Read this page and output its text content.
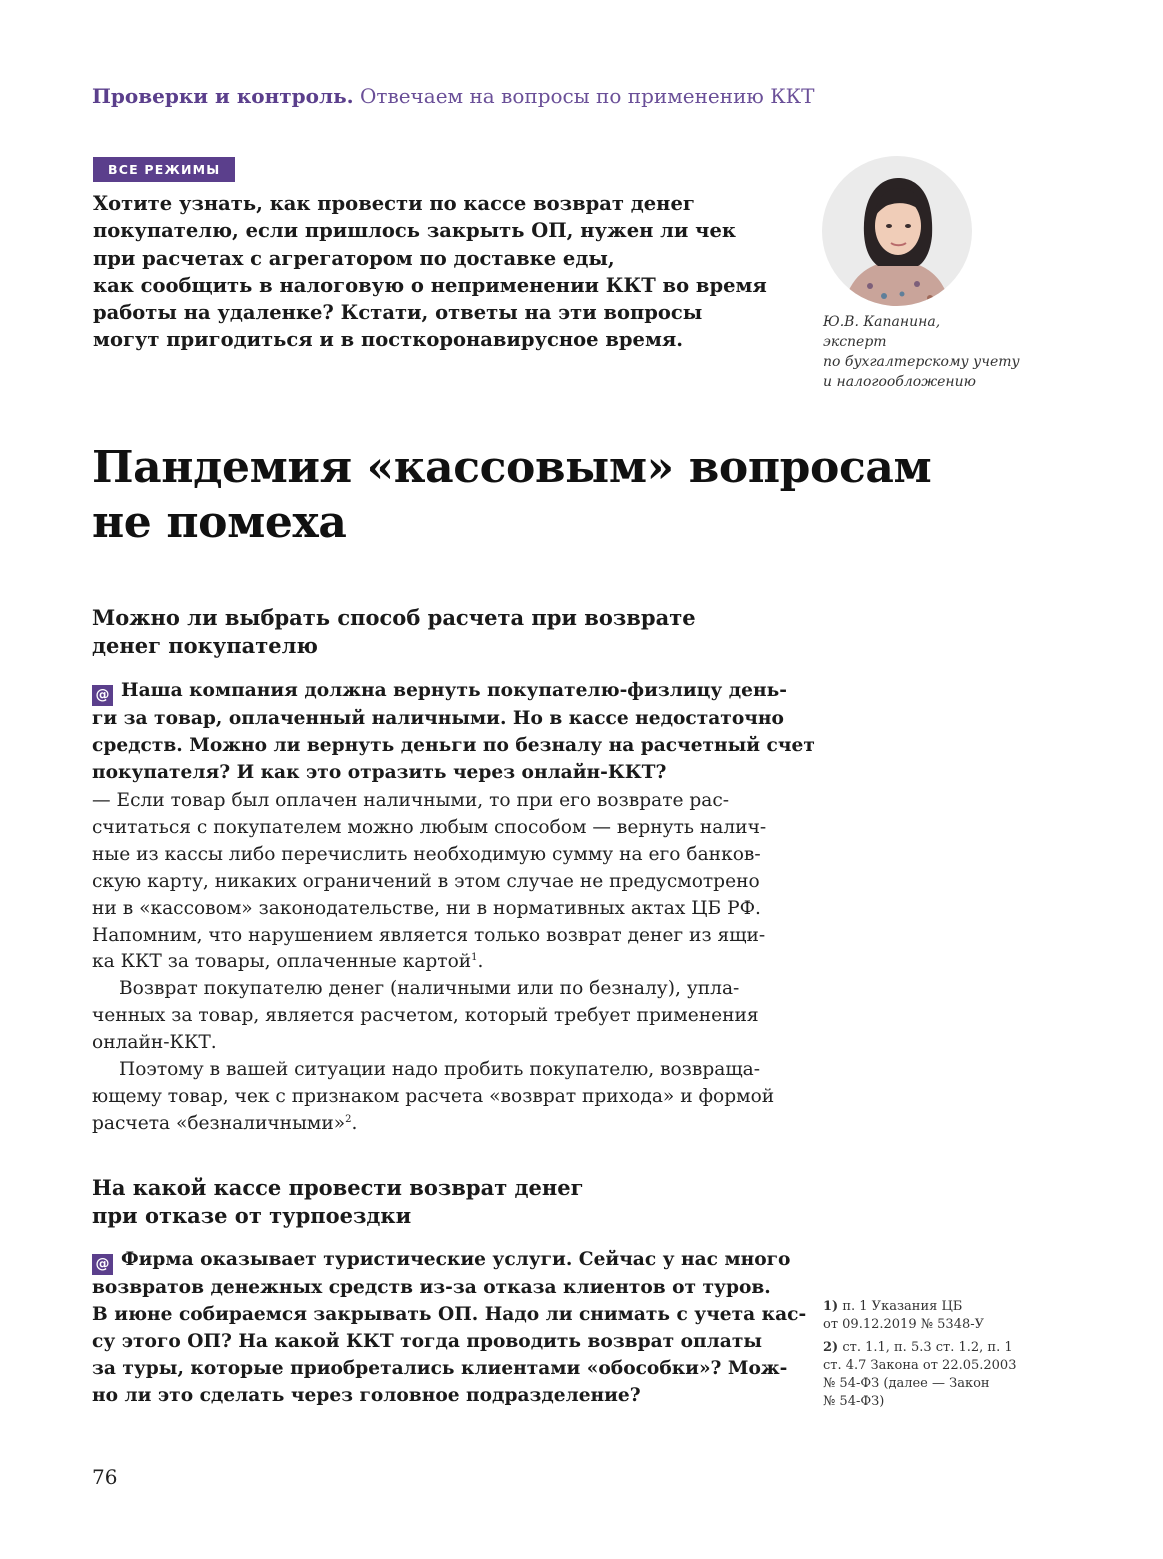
Проверки и контроль. Отвечаем на вопросы по применению ККТ
ВСЕ РЕЖИМЫ
Хотите узнать, как провести по кассе возврат денег
покупателю, если пришлось закрыть ОП, нужен ли чек
при расчетах с агрегатором по доставке еды,
как сообщить в налоговую о неприменении ККТ во время
работы на удаленке? Кстати, ответы на эти вопросы
могут пригодиться и в посткоронавирусное время.
Ю.В. Капанина,
эксперт
по бухгалтерскому учету
и налогообложению
Пандемия «кассовым» вопросам
не помеха
Можно ли выбрать способ расчета при возврате
денег покупателю
@ Наша компания должна вернуть покупателю-физлицу день-
ги за товар, оплаченный наличными. Но в кассе недостаточно
средств. Можно ли вернуть деньги по безналу на расчетный счет
покупателя? И как это отразить через онлайн-ККТ?
— Если товар был оплачен наличными, то при его возврате рас-
считаться с покупателем можно любым способом — вернуть налич-
ные из кассы либо перечислить необходимую сумму на его банков-
скую карту, никаких ограничений в этом случае не предусмотрено
ни в «кассовом» законодательстве, ни в нормативных актах ЦБ РФ.
Напомним, что нарушением является только возврат денег из ящи-
ка ККТ за товары, оплаченные картой$^1$.
Возврат покупателю денег (наличными или по безналу), упла-
ченных за товар, является расчетом, который требует применения
онлайн-ККТ.
Поэтому в вашей ситуации надо пробить покупателю, возвраща-
ющему товар, чек с признаком расчета «возврат прихода» и формой
расчета «безналичными»$^2$.
На какой кассе провести возврат денег
при отказе от турпоездки
@ Фирма оказывает туристические услуги. Сейчас у нас много
возвратов денежных средств из-за отказа клиентов от туров.
В июне собираемся закрывать ОП. Надо ли снимать с учета кас-
су этого ОП? На какой ККТ тогда проводить возврат оплаты
за туры, которые приобретались клиентами «обособки»? Мож-
но ли это сделать через головное подразделение?
1) п. 1 Указания ЦБ
от 09.12.2019 № 5348-У
2) ст. 1.1, п. 5.3 ст. 1.2, п. 1
ст. 4.7 Закона от 22.05.2003
№ 54-ФЗ (далее — Закон
№ 54-ФЗ)
76
